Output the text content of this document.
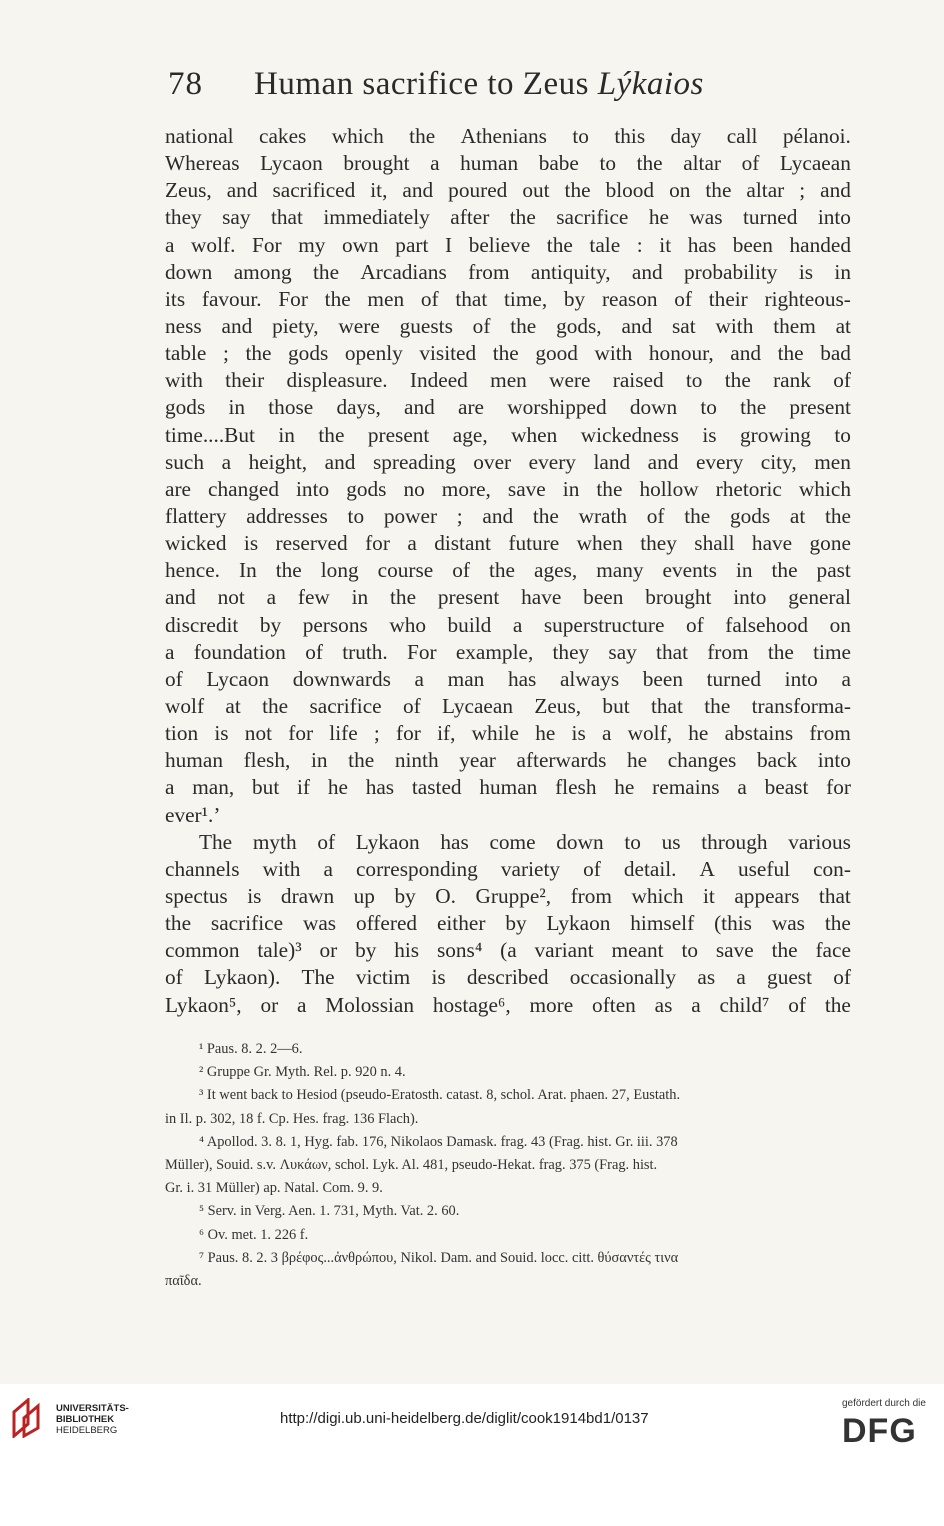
78 Human sacrifice to Zeus Lýkaios
national cakes which the Athenians to this day call pélanoi.
Whereas Lycaon brought a human babe to the altar of Lycaean
Zeus, and sacrificed it, and poured out the blood on the altar ; and
they say that immediately after the sacrifice he was turned into
a wolf. For my own part I believe the tale : it has been handed
down among the Arcadians from antiquity, and probability is in
its favour. For the men of that time, by reason of their righteous-
ness and piety, were guests of the gods, and sat with them at
table ; the gods openly visited the good with honour, and the bad
with their displeasure. Indeed men were raised to the rank of
gods in those days, and are worshipped down to the present
time....But in the present age, when wickedness is growing to
such a height, and spreading over every land and every city, men
are changed into gods no more, save in the hollow rhetoric which
flattery addresses to power ; and the wrath of the gods at the
wicked is reserved for a distant future when they shall have gone
hence. In the long course of the ages, many events in the past
and not a few in the present have been brought into general
discredit by persons who build a superstructure of falsehood on
a foundation of truth. For example, they say that from the time
of Lycaon downwards a man has always been turned into a
wolf at the sacrifice of Lycaean Zeus, but that the transforma-
tion is not for life ; for if, while he is a wolf, he abstains from
human flesh, in the ninth year afterwards he changes back into
a man, but if he has tasted human flesh he remains a beast for
ever¹.’
The myth of Lykaon has come down to us through various
channels with a corresponding variety of detail. A useful con-
spectus is drawn up by O. Gruppe², from which it appears that
the sacrifice was offered either by Lykaon himself (this was the
common tale)³ or by his sons⁴ (a variant meant to save the face
of Lykaon). The victim is described occasionally as a guest of
Lykaon⁵, or a Molossian hostage⁶, more often as a child⁷ of the
¹ Paus. 8. 2. 2—6.
² Gruppe Gr. Myth. Rel. p. 920 n. 4.
³ It went back to Hesiod (pseudo-Eratosth. catast. 8, schol. Arat. phaen. 27, Eustath.
in Il. p. 302, 18 f. Cp. Hes. frag. 136 Flach).
⁴ Apollod. 3. 8. 1, Hyg. fab. 176, Nikolaos Damask. frag. 43 (Frag. hist. Gr. iii. 378
Müller), Souid. s.v. Λυκάων, schol. Lyk. Al. 481, pseudo-Hekat. frag. 375 (Frag. hist.
Gr. i. 31 Müller) ap. Natal. Com. 9. 9.
⁵ Serv. in Verg. Aen. 1. 731, Myth. Vat. 2. 60.
⁶ Ov. met. 1. 226 f.
⁷ Paus. 8. 2. 3 βρέφος...ἀνθρώπου, Nikol. Dam. and Souid. locc. citt. θύσαντές τινα
παῖδα.
UNIVERSITÄTS-
BIBLIOTHEK
HEIDELBERG
http://digi.ub.uni-heidelberg.de/diglit/cook1914bd1/0137
gefördert durch die
DFG
